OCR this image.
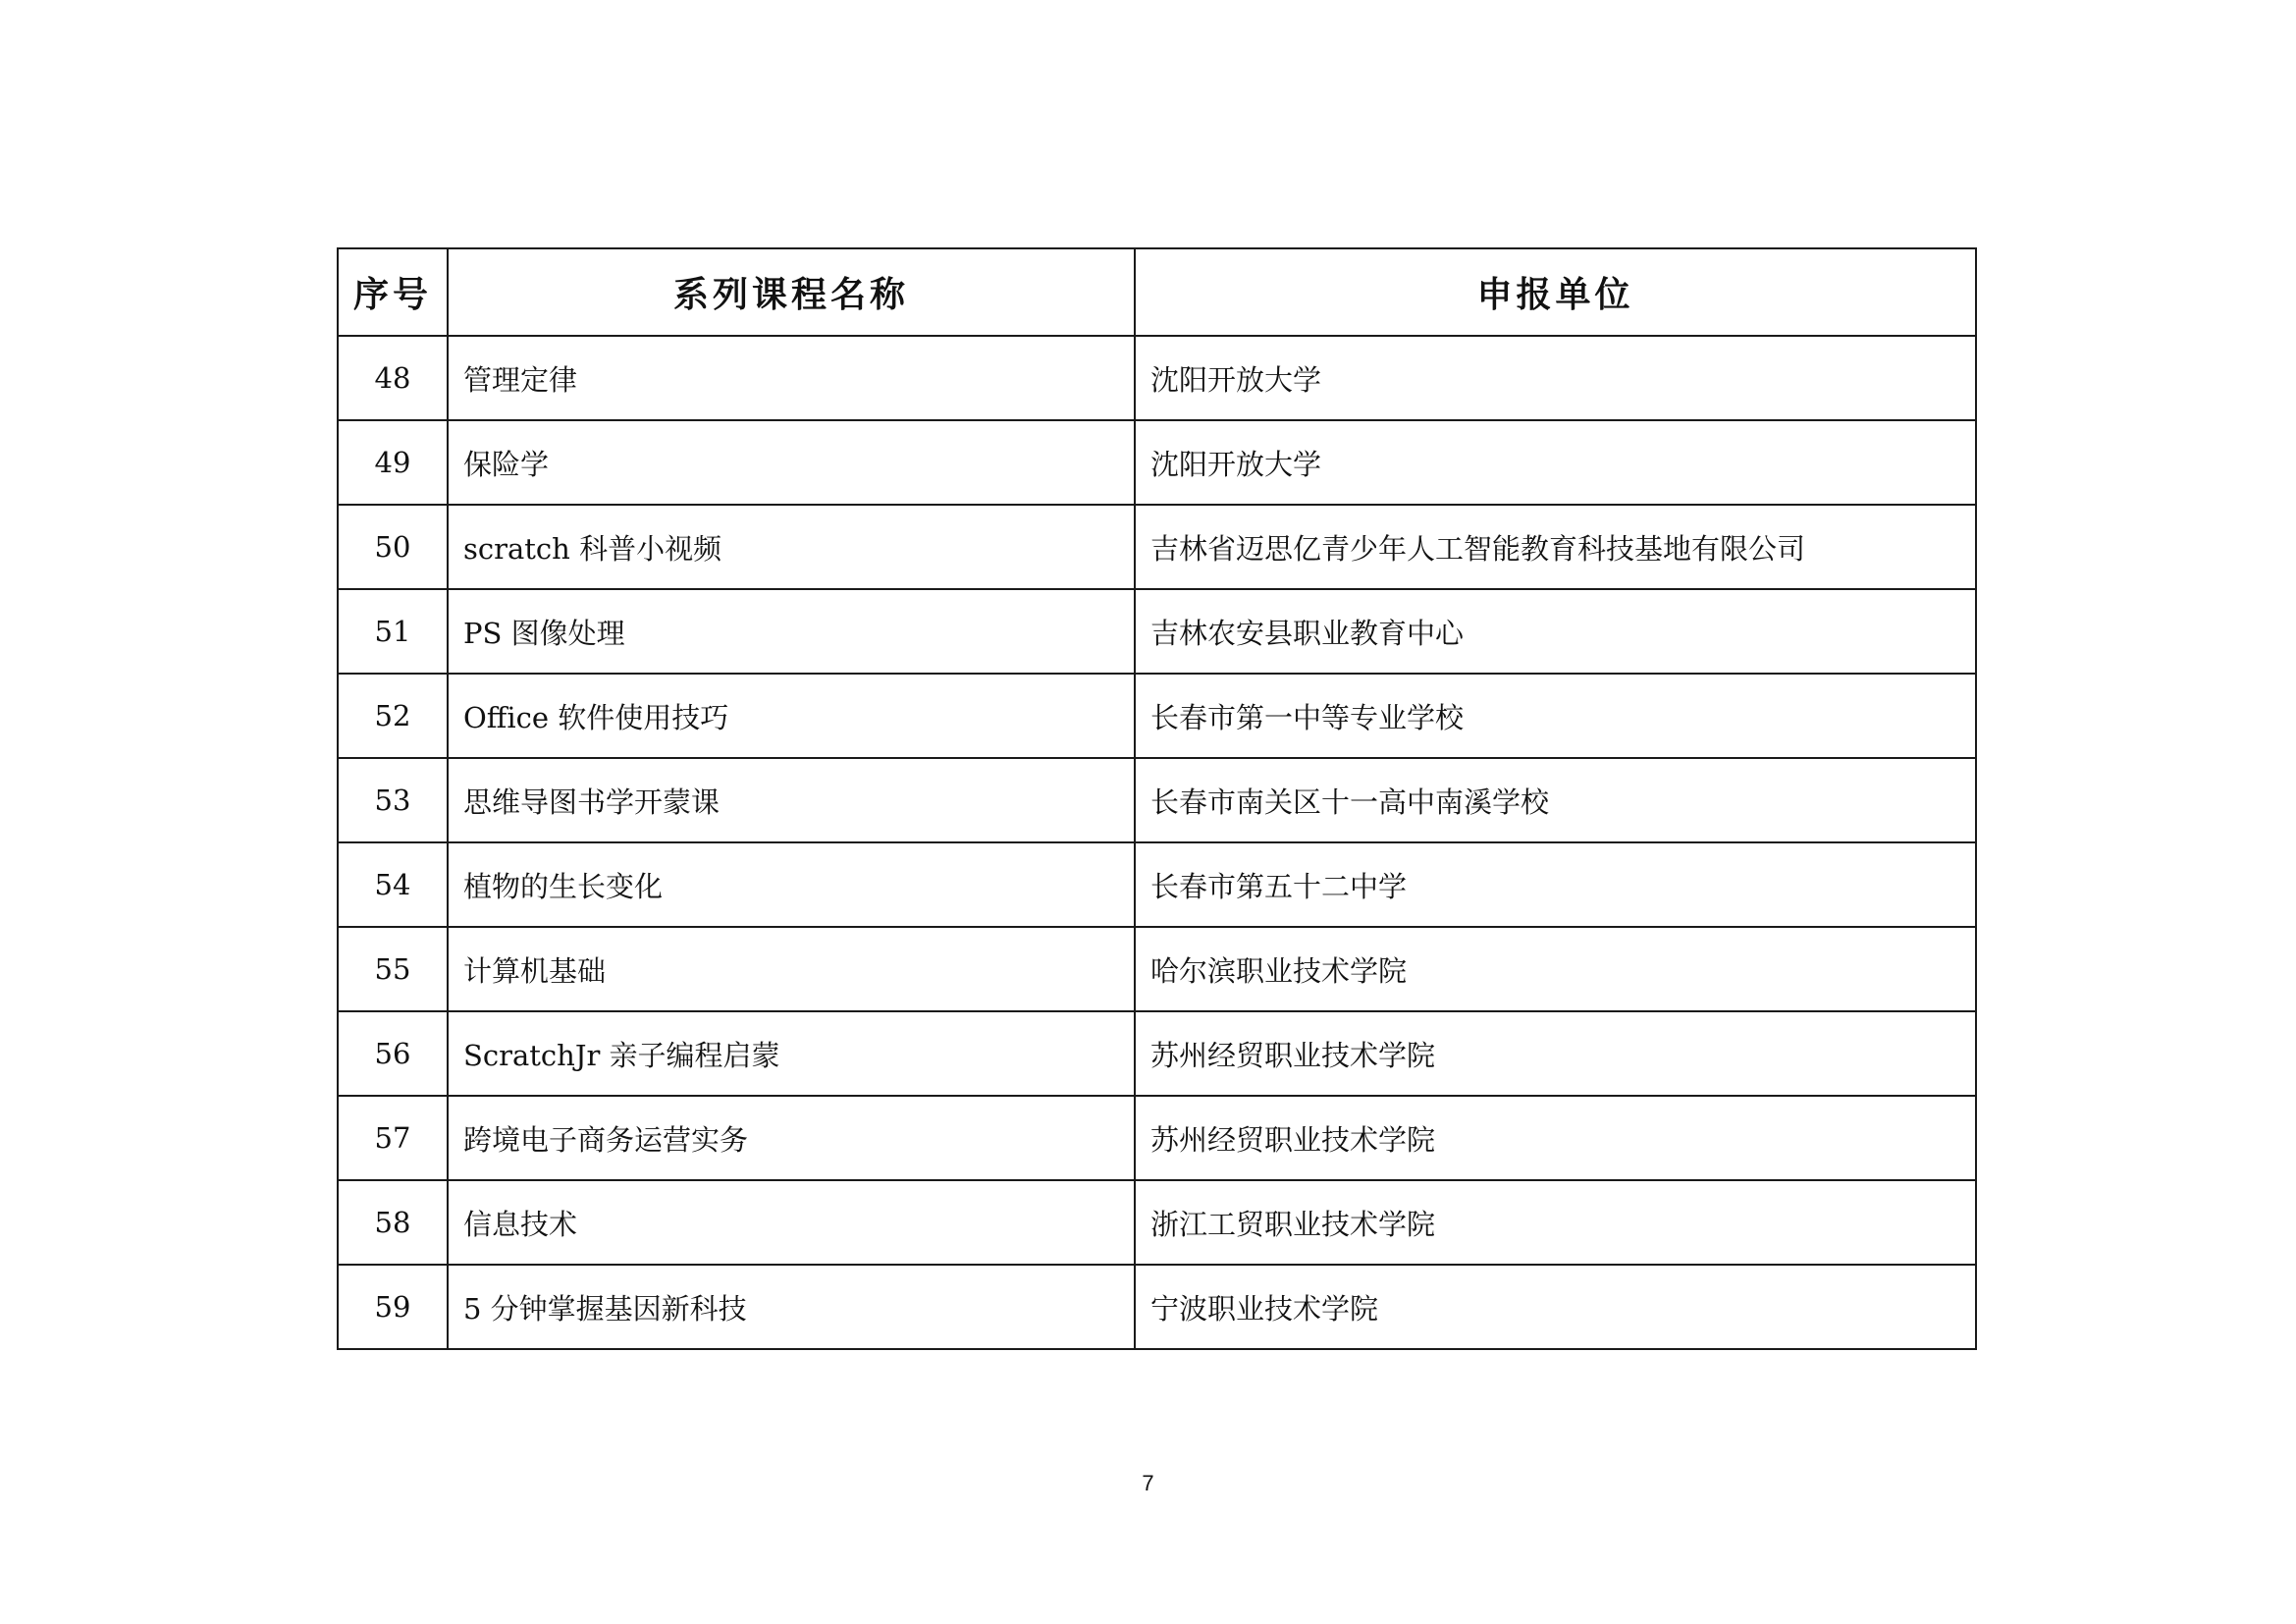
序号	系列课程名称	申报单位
48	管理定律	沈阳开放大学
49	保险学	沈阳开放大学
50	scratch 科普小视频	吉林省迈思亿青少年人工智能教育科技基地有限公司
51	PS 图像处理	吉林农安县职业教育中心
52	Office 软件使用技巧	长春市第一中等专业学校
53	思维导图书学开蒙课	长春市南关区十一高中南溪学校
54	植物的生长变化	长春市第五十二中学
55	计算机基础	哈尔滨职业技术学院
56	ScratchJr 亲子编程启蒙	苏州经贸职业技术学院
57	跨境电子商务运营实务	苏州经贸职业技术学院
58	信息技术	浙江工贸职业技术学院
59	5 分钟掌握基因新科技	宁波职业技术学院
7
